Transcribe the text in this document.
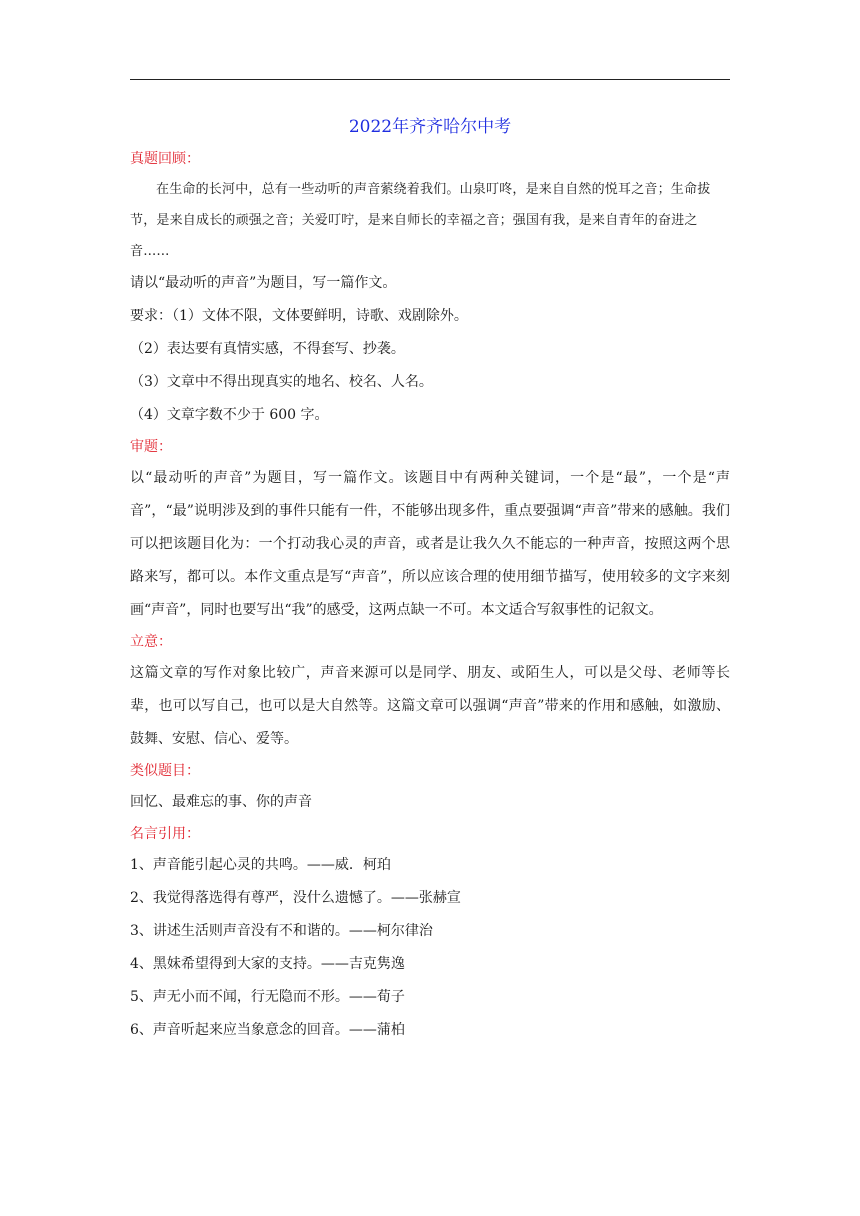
2022年齐齐哈尔中考
真题回顾：

在生命的长河中，总有一些动听的声音萦绕着我们。山泉叮咚，是来自自然的悦耳之音；生命拔节，是来自成长的顽强之音；关爱叮咛，是来自师长的幸福之音；强国有我，是来自青年的奋进之音……

请以“最动听的声音”为题目，写一篇作文。

要求：（1）文体不限，文体要鲜明，诗歌、戏剧除外。

（2）表达要有真情实感，不得套写、抄袭。

（3）文章中不得出现真实的地名、校名、人名。

（4）文章字数不少于 600 字。

审题：

以“最动听的声音”为题目，写一篇作文。该题目中有两种关键词，一个是“最”，一个是“声音”，“最”说明涉及到的事件只能有一件，不能够出现多件，重点要强调“声音”带来的感触。我们可以把该题目化为：一个打动我心灵的声音，或者是让我久久不能忘的一种声音，按照这两个思路来写，都可以。本作文重点是写“声音”，所以应该合理的使用细节描写，使用较多的文字来刻画“声音”，同时也要写出“我”的感受，这两点缺一不可。本文适合写叙事性的记叙文。

立意：

这篇文章的写作对象比较广，声音来源可以是同学、朋友、或陌生人，可以是父母、老师等长辈，也可以写自己，也可以是大自然等。这篇文章可以强调“声音”带来的作用和感触，如激励、鼓舞、安慰、信心、爱等。

类似题目：

回忆、最难忘的事、你的声音

名言引用：

1、声音能引起心灵的共鸣。——威．柯珀

2、我觉得落选得有尊严，没什么遗憾了。——张赫宣

3、讲述生活则声音没有不和谐的。——柯尔律治

4、黑妹希望得到大家的支持。——吉克隽逸

5、声无小而不闻，行无隐而不形。——荀子

6、声音听起来应当象意念的回音。——蒲柏
